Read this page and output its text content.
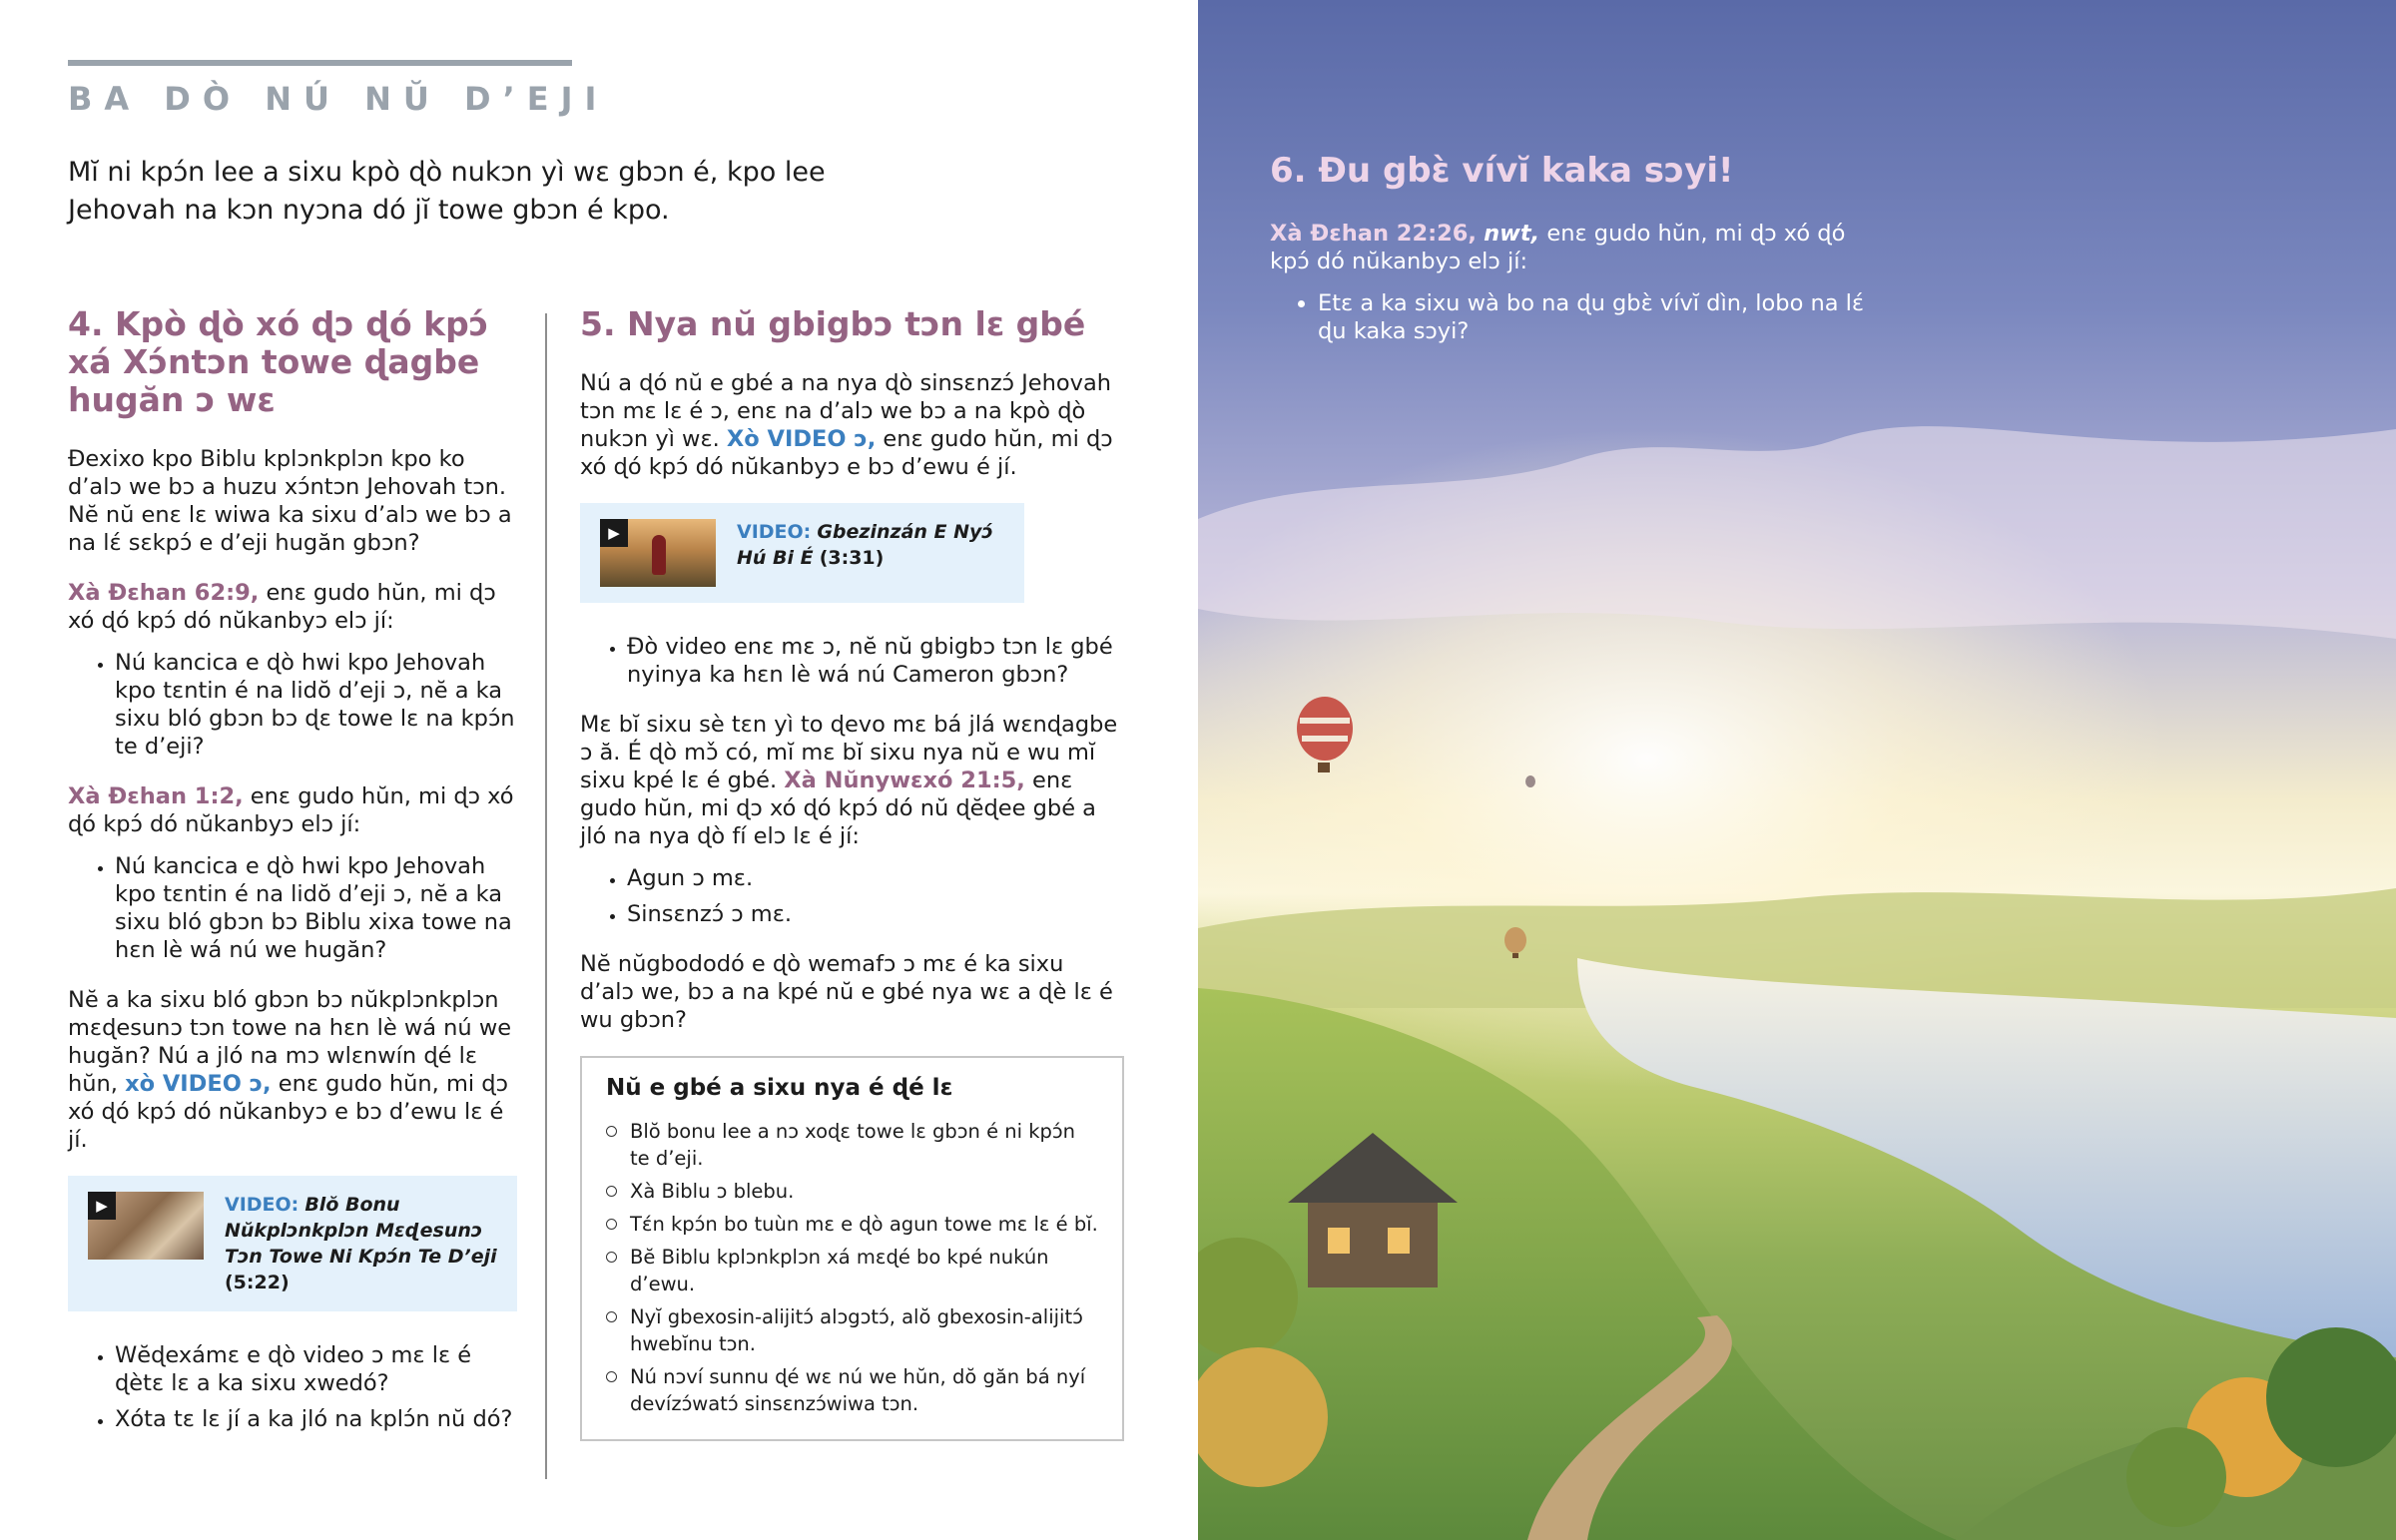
BA DÒ NÚ NŬ D’EJI
Mĭ ni kpɔ́n lee a sixu kpò ɖò nukɔn yì wɛ gbɔn é, kpo lee Jehovah na kɔn nyɔna dó jĭ towe gbɔn é kpo.
4. Kpò ɖò xó ɖɔ ɖó kpɔ́ xá Xɔ́ntɔn towe ɖagbe hugăn ɔ wɛ

Ðexixo kpo Biblu kplɔnkplɔn kpo ko d’alɔ we bɔ a huzu xɔ́ntɔn Jehovah tɔn. Nĕ nŭ enɛ lɛ wiwa ka sixu d’alɔ we bɔ a na lɛ́ sɛkpɔ́ e d’eji hugăn gbɔn?

Xà Ðɛhan 62:9, enɛ gudo hŭn, mi ɖɔ xó ɖó kpɔ́ dó nŭkanbyɔ elɔ jí:

• Nú kancica e ɖò hwi kpo Jehovah kpo tɛntin é na lidŏ d’eji ɔ, nĕ a ka sixu bló gbɔn bɔ ɖɛ towe lɛ na kpɔ́n te d’eji?

Xà Ðɛhan 1:2, enɛ gudo hŭn, mi ɖɔ xó ɖó kpɔ́ dó nŭkanbyɔ elɔ jí:

• Nú kancica e ɖò hwi kpo Jehovah kpo tɛntin é na lidŏ d’eji ɔ, nĕ a ka sixu bló gbɔn bɔ Biblu xixa towe na hɛn lè wá nú we hugăn?

Nĕ a ka sixu bló gbɔn bɔ nŭkplɔnkplɔn mɛɖesunɔ tɔn towe na hɛn lè wá nú we hugăn? Nú a jló na mɔ wlɛnwín ɖé lɛ hŭn, xò VIDEO ɔ, enɛ gudo hŭn, mi ɖɔ xó ɖó kpɔ́ dó nŭkanbyɔ e bɔ d’ewu lɛ é jí.

▶	VIDEO: Blŏ Bonu Nŭkplɔnkplɔn Mɛɖesunɔ Tɔn Towe Ni Kpɔ́n Te D’eji (5:22)
• Wĕɖexámɛ e ɖò video ɔ mɛ lɛ é ɖètɛ lɛ a ka sixu xwedó?
• Xóta tɛ lɛ jí a ka jló na kplɔ́n nŭ dó?
5. Nya nŭ gbigbɔ tɔn lɛ gbé

Nú a ɖó nŭ e gbé a na nya ɖò sinsɛnzɔ́ Jehovah tɔn mɛ lɛ é ɔ, enɛ na d’alɔ we bɔ a na kpò ɖò nukɔn yì wɛ. Xò VIDEO ɔ, enɛ gudo hŭn, mi ɖɔ xó ɖó kpɔ́ dó nŭkanbyɔ e bɔ d’ewu é jí.

▶	VIDEO: Gbezinzán E Nyɔ́ Hú Bi É (3:31)
• Ðò video enɛ mɛ ɔ, nĕ nŭ gbigbɔ tɔn lɛ gbé nyinya ka hɛn lè wá nú Cameron gbɔn?

Mɛ bĭ sixu sè tɛn yì to ɖevo mɛ bá jlá wɛnɖagbe ɔ ă. É ɖò mɔ̌ có, mĭ mɛ bĭ sixu nya nŭ e wu mĭ sixu kpé lɛ é gbé. Xà Nŭnywɛxó 21:5, enɛ gudo hŭn, mi ɖɔ xó ɖó kpɔ́ dó nŭ ɖĕɖee gbé a jló na nya ɖò fí elɔ lɛ é jí:

• Agun ɔ mɛ.
• Sinsɛnzɔ́ ɔ mɛ.

Nĕ nŭgbododó e ɖò wemafɔ ɔ mɛ é ka sixu d’alɔ we, bɔ a na kpé nŭ e gbé nya wɛ a ɖè lɛ é wu gbɔn?

Nŭ e gbé a sixu nya é ɖé lɛ
Blŏ bonu lee a nɔ xoɖɛ towe lɛ gbɔn é ni kpɔ́n te d’eji.
Xà Biblu ɔ blebu.
Tɛ́n kpɔ́n bo tuùn mɛ e ɖò agun towe mɛ lɛ é bĭ.
Bĕ Biblu kplɔnkplɔn xá mɛɖé bo kpé nukún d’ewu.
Nyĭ gbexosin-alijitɔ́ alɔgɔtɔ́, alŏ gbexosin-alijitɔ́ hwebĭnu tɔn.
Nú nɔví sunnu ɖé wɛ nú we hŭn, dŏ găn bá nyí devízɔ́watɔ́ sinsɛnzɔ́wiwa tɔn.
6. Ðu gbɛ̀ vívĭ kaka sɔyi!

Xà Ðɛhan 22:26, nwt, enɛ gudo hŭn, mi ɖɔ xó ɖó kpɔ́ dó nŭkanbyɔ elɔ jí:

• Etɛ a ka sixu wà bo na ɖu gbɛ̀ vívĭ dìn, lobo na lɛ́ ɖu kaka sɔyi?
